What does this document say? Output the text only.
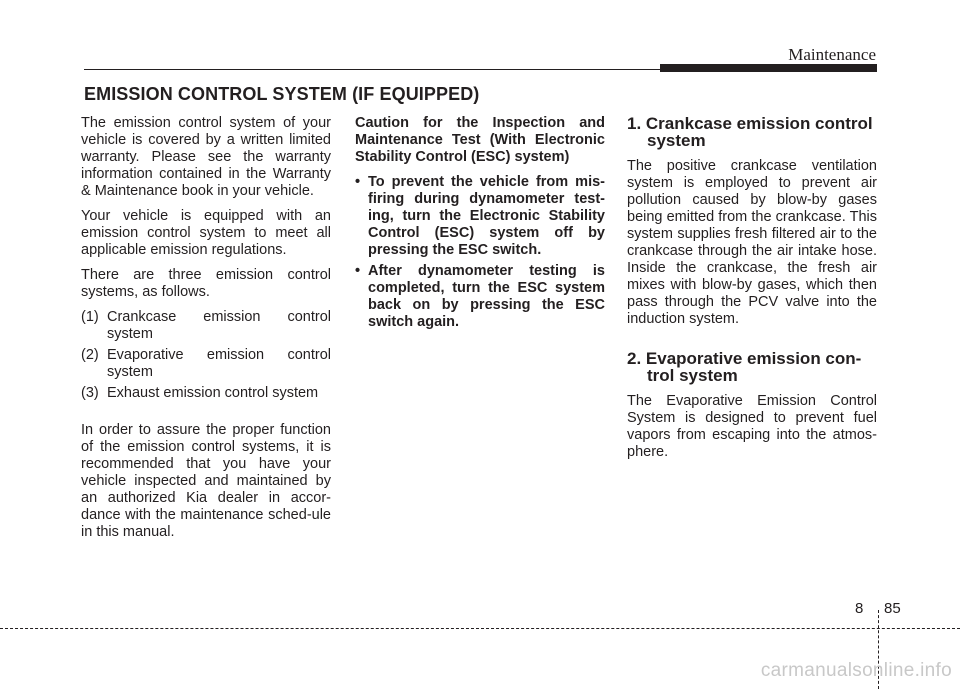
Maintenance
EMISSION CONTROL SYSTEM (IF EQUIPPED)

The emission control system of your vehicle is covered by a written limited warranty. Please see the warranty information contained in the Warranty & Maintenance book in your vehicle.

Your vehicle is equipped with an emission control system to meet all applicable emission regulations.

There are three emission control systems, as follows.

(1) Crankcase emission control system
(2) Evaporative emission control system
(3) Exhaust emission control system

In order to assure the proper function of the emission control systems, it is recommended that you have your vehicle inspected and maintained by an authorized Kia dealer in accor-dance with the maintenance sched-ule in this manual.

Caution for the Inspection and Maintenance Test (With Electronic Stability Control (ESC) system)

• To prevent the vehicle from mis-firing during dynamometer test-ing, turn the Electronic Stability Control (ESC) system off by pressing the ESC switch.
• After dynamometer testing is completed, turn the ESC system back on by pressing the ESC switch again.
1. Crankcase emission control system

The positive crankcase ventilation system is employed to prevent air pollution caused by blow-by gases being emitted from the crankcase. This system supplies fresh filtered air to the crankcase through the air intake hose. Inside the crankcase, the fresh air mixes with blow-by gases, which then pass through the PCV valve into the induction system.

2. Evaporative emission con-trol system

The Evaporative Emission Control System is designed to prevent fuel vapors from escaping into the atmos-phere.

8 85
carmanualsonline.info
